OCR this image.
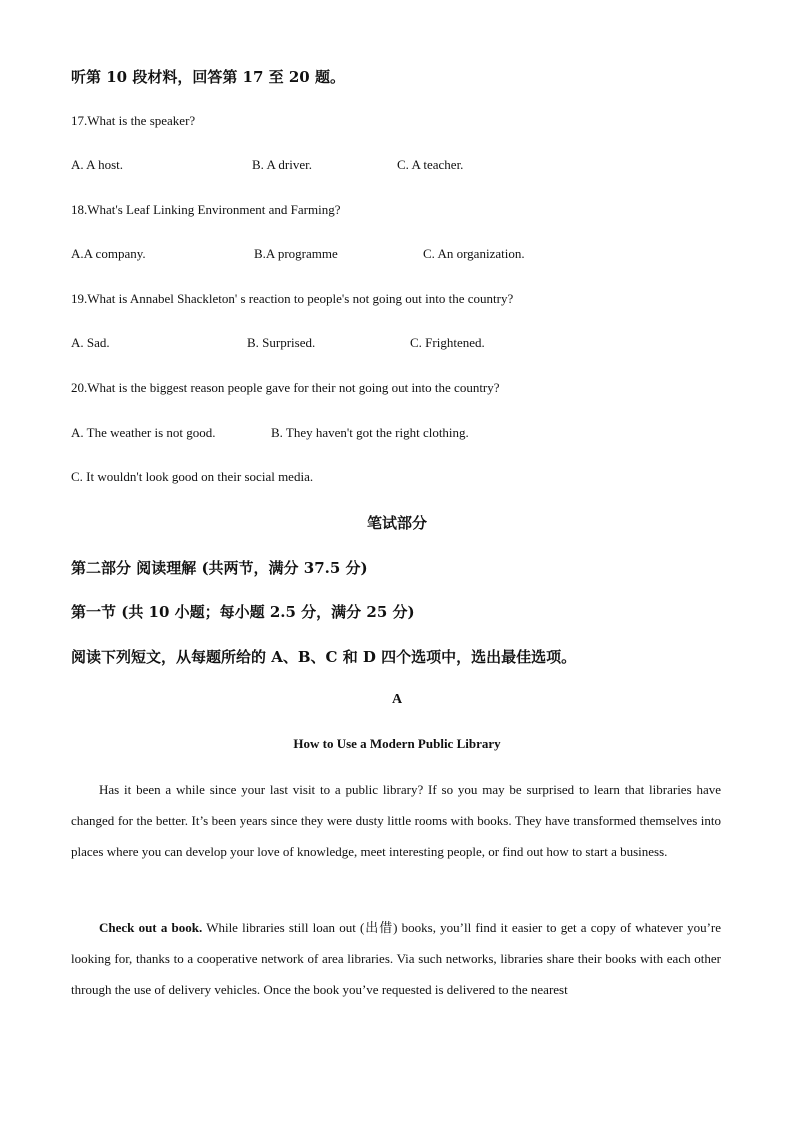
听第 10 段材料，回答第 17 至 20 题。
17.What is the speaker?
A. A host.	B. A driver.	C. A teacher.
18.What's Leaf Linking Environment and Farming?
A.A company.	B.A programme	C. An organization.
19.What is Annabel Shackleton' s reaction to people's not going out into the country?
A. Sad.	B. Surprised.	C. Frightened.
20.What is the biggest reason people gave for their not going out into the country?
A. The weather is not good.	B. They haven't got the right clothing.
C. It wouldn't look good on their social media.
笔试部分
第二部分 阅读理解 (共两节，满分 37.5 分)
第一节 (共 10 小题；每小题 2.5 分，满分 25 分)
阅读下列短文，从每题所给的 A、B、C 和 D 四个选项中，选出最佳选项。
A
How to Use a Modern Public Library
Has it been a while since your last visit to a public library? If so you may be surprised to learn that libraries have changed for the better. It’s been years since they were dusty little rooms with books. They have transformed themselves into places where you can develop your love of knowledge, meet interesting people, or find out how to start a business.
Check out a book. While libraries still loan out (出借) books, you’ll find it easier to get a copy of whatever you’re looking for, thanks to a cooperative network of area libraries. Via such networks, libraries share their books with each other through the use of delivery vehicles. Once the book you’ve requested is delivered to the nearest
